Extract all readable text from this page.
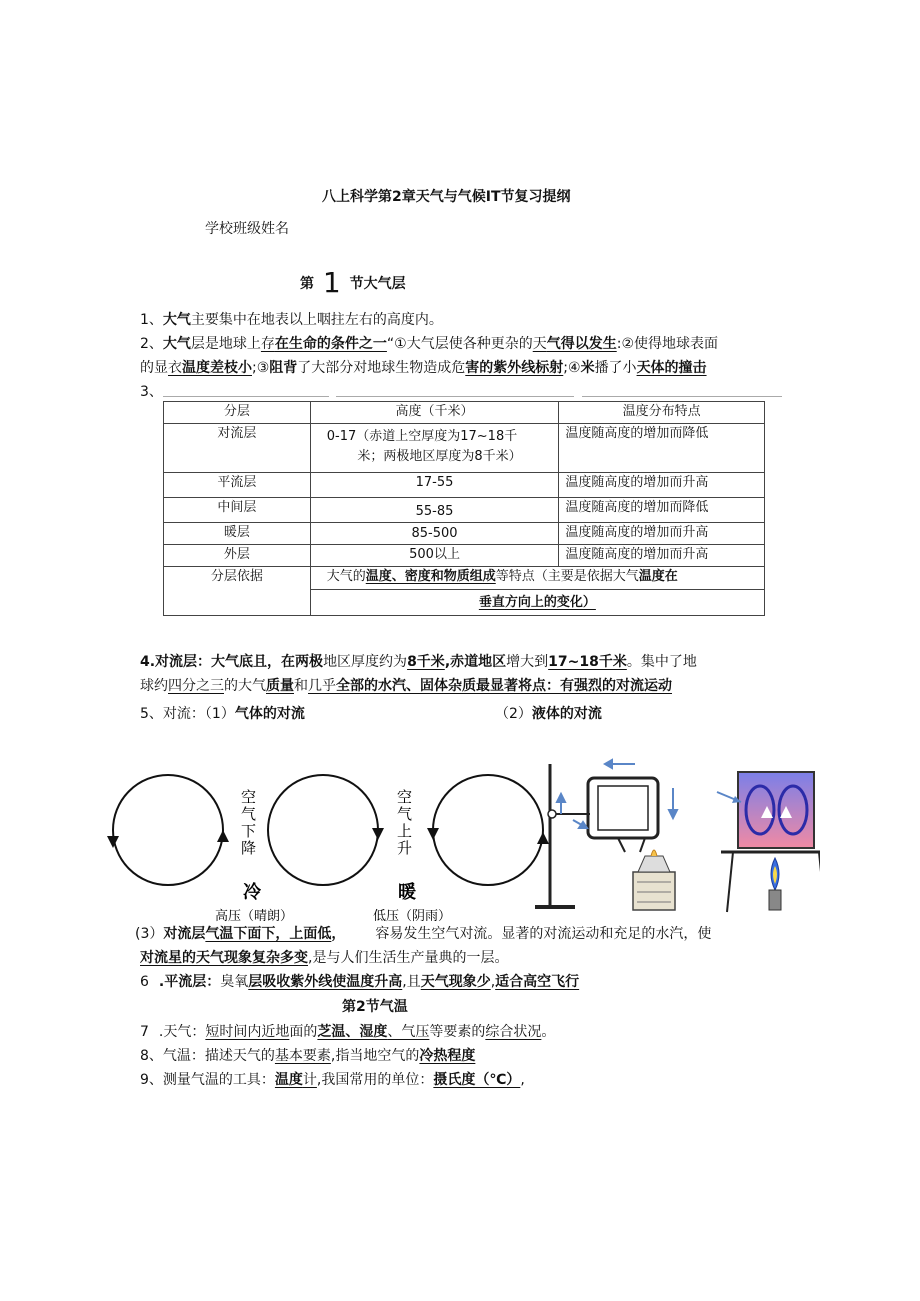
八上科学第2章天气与气候IT节复习提纲
学校班级姓名
第 1 节大气层
1、大气主要集中在地表以上咽拄左右的高度内。
2、大气层是地球上存在生命的条件之一“①大气层使各种更杂的天气得以发生:②使得地球表面
的显衣温度差枝小;③阻背了大部分对地球生物造成危害的紫外线标射;④米播了小天体的撞击
3、
分层	高度（千米）	温度分布特点
对流层	0-17（赤道上空厚度为17~18千
米；两极地区厚度为8千米）	温度随高度的增加而降低
平流层	17-55	温度随高度的增加而升高
中间层	55-85	温度随高度的增加而降低
暖层	85-500	温度随高度的增加而升高
外层	500以上	温度随高度的增加而升高
分层依据	大气的温度、密度和物质组成等特点（主要是依据大气温度在	
	垂直方向上的变化）	
4.对流层：大气底且，在两极地区厚度约为8千米,赤道地区增大到17~18千米。集中了地
球约四分之三的大气质量和几乎全部的水汽、固体杂质最显著将点：有强烈的对流运动
5、对流：（1）气体的对流	（2）液体的对流
空
气
下
降
空
气
上
升
冷	暖
高压（晴朗）	低压（阴雨）
(3）对流层气温下面下，上面低， 容易发生空气对流。显著的对流运动和充足的水汽，使
对流星的天气现象复杂多变,是与人们生活生产量典的一层。
6 .平流层：臭氧层吸收紫外线使温度升高,且天气现象少,适合高空飞行
第2节气温
7 .天气：短时间内近地面的芝温、湿度、气压等要素的综合状况。
8、气温：描述天气的基本要素,指当地空气的冷热程度
9、测量气温的工具：温度计,我国常用的单位：摄氏度（℃）,
